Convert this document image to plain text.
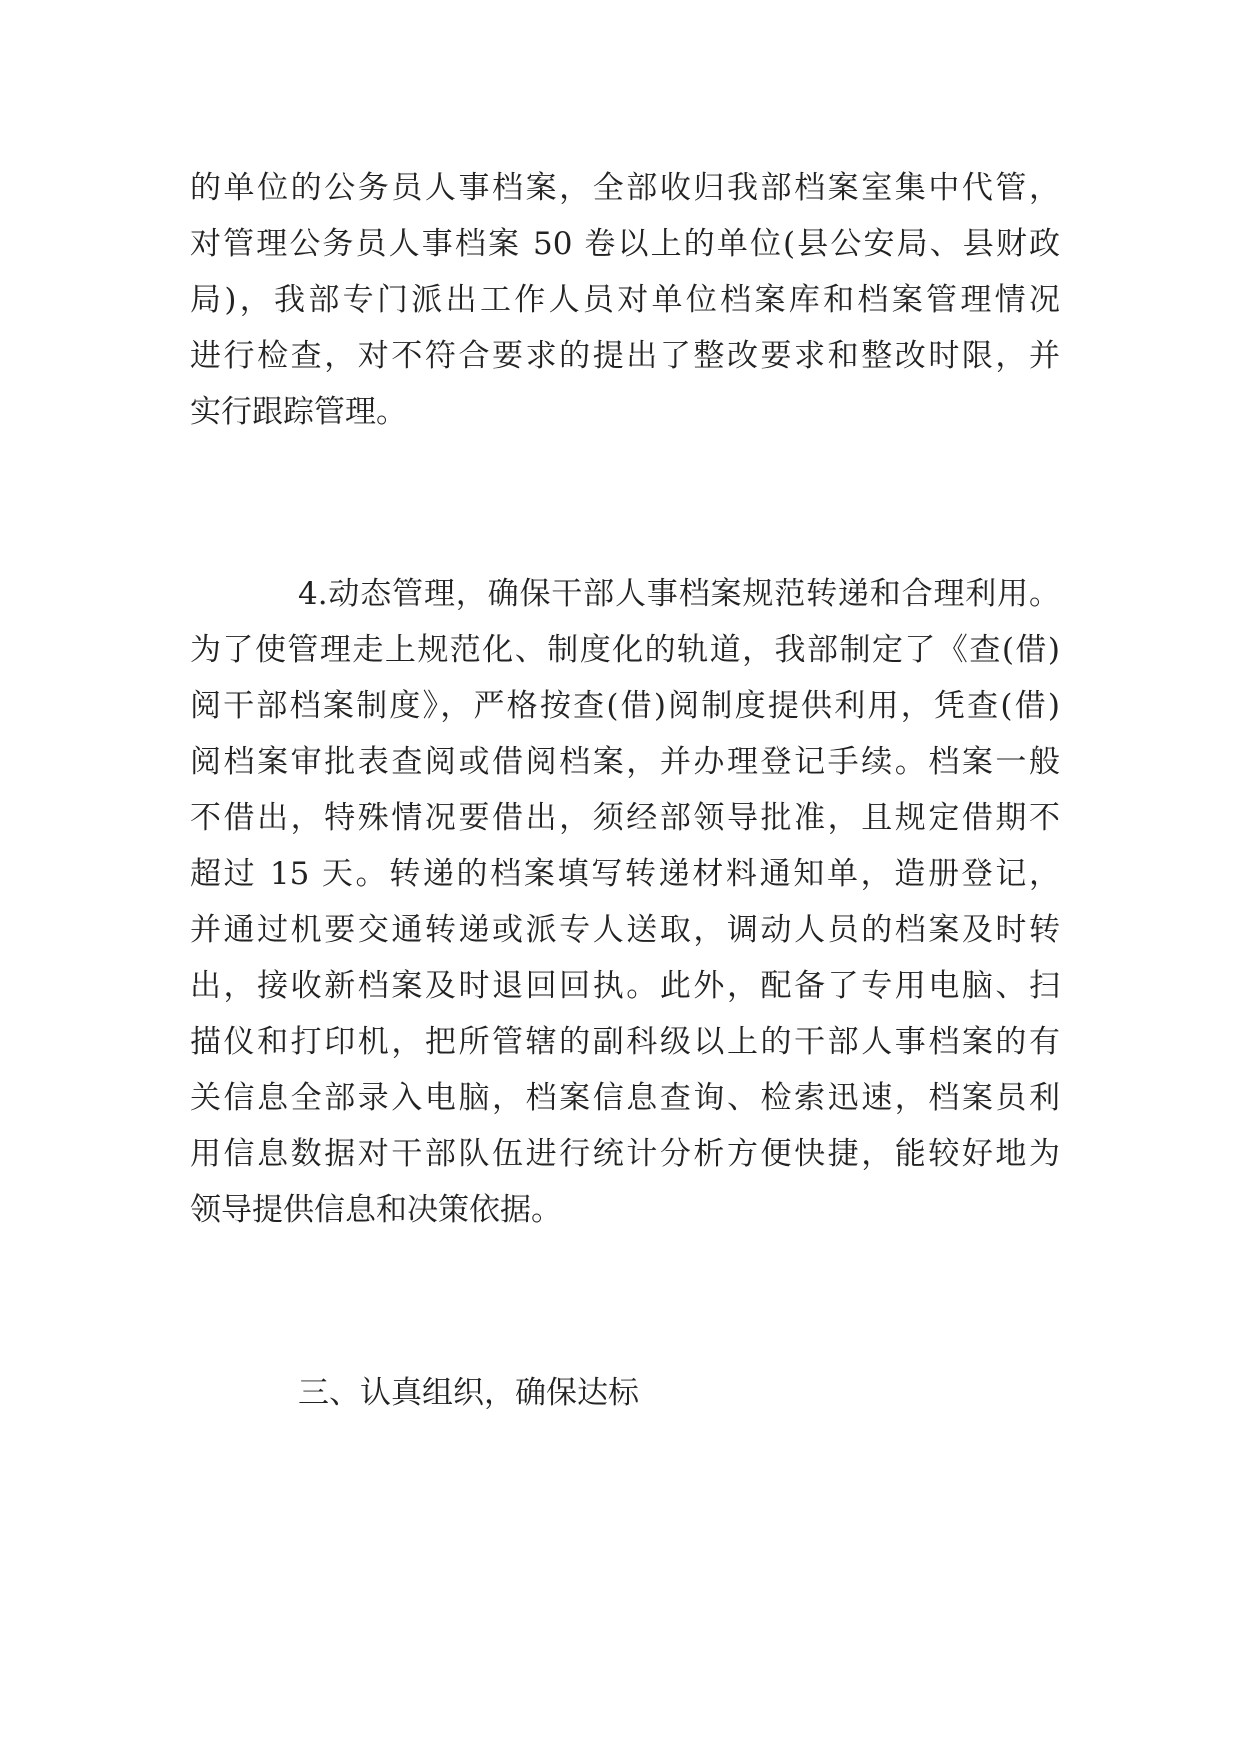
的单位的公务员人事档案，全部收归我部档案室集中代管，
对管理公务员人事档案 50 卷以上的单位(县公安局、县财政
局)，我部专门派出工作人员对单位档案库和档案管理情况
进行检查，对不符合要求的提出了整改要求和整改时限，并
实行跟踪管理。
4.动态管理，确保干部人事档案规范转递和合理利用。
为了使管理走上规范化、制度化的轨道，我部制定了《查(借)
阅干部档案制度》，严格按查(借)阅制度提供利用，凭查(借)
阅档案审批表查阅或借阅档案，并办理登记手续。档案一般
不借出，特殊情况要借出，须经部领导批准，且规定借期不
超过 15 天。转递的档案填写转递材料通知单，造册登记，
并通过机要交通转递或派专人送取，调动人员的档案及时转
出，接收新档案及时退回回执。此外，配备了专用电脑、扫
描仪和打印机，把所管辖的副科级以上的干部人事档案的有
关信息全部录入电脑，档案信息查询、检索迅速，档案员利
用信息数据对干部队伍进行统计分析方便快捷，能较好地为
领导提供信息和决策依据。
三、认真组织，确保达标
